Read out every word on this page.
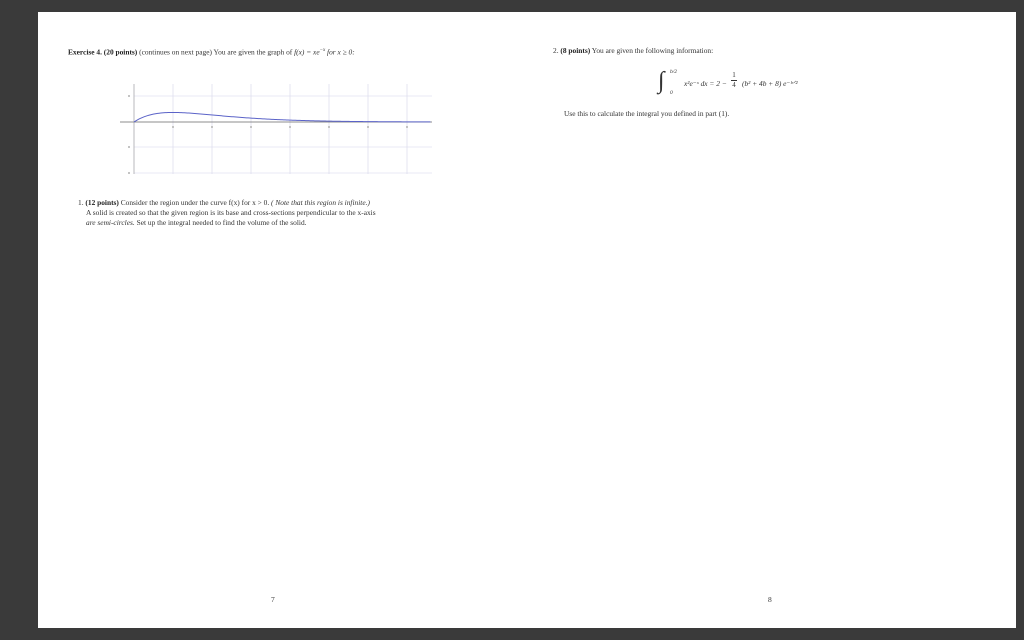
Exercise 4. (20 points) (continues on next page) You are given the graph of $f(x) = xe^{-x}$ for x ≥ 0:
1. (12 points) Consider the region under the curve f(x) for x > 0. ( Note that this region is infinite.)
A solid is created so that the given region is its base and cross-sections perpendicular to the x-axis
are semi-circles. Set up the integral needed to find the volume of the solid.
7
2. (8 points) You are given the following information:
Use this to calculate the integral you defined in part (1).
8
∫ b/2
0
x²e⁻ˣ dx = 2 −
1
4 (b² + 4b + 8) e⁻ᵇᐟ²
